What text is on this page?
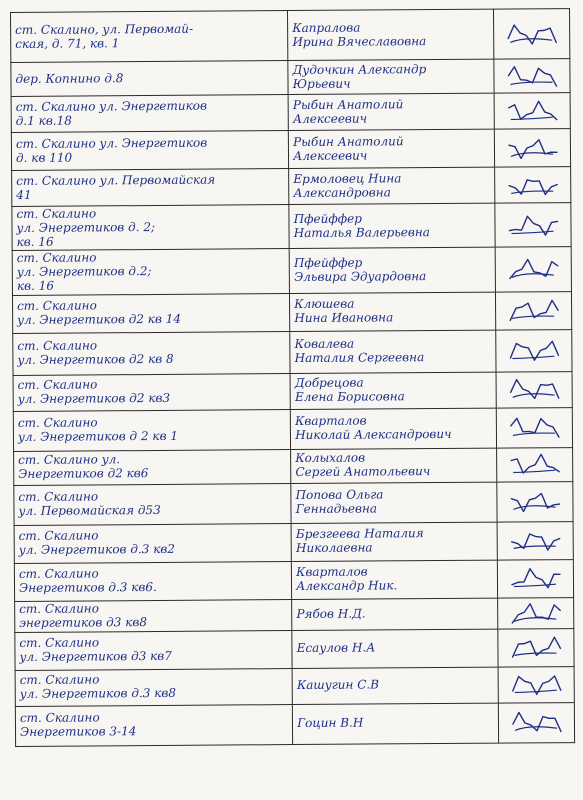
ст. Скалино, ул. Первомай-
ская, д. 71, кв. 1	Капралова
Ирина Вячеславовна

дер. Копнино д.8	Дудочкин Александр
Юрьевич

ст. Скалино ул. Энергетиков
д.1 кв.18	Рыбин Анатолий
Алексеевич

ст. Скалино ул. Энергетиков
д. кв 110	Рыбин Анатолий
Алексеевич

ст. Скалино ул. Первомайская
41	Ермоловец Нина
Александровна

ст. Скалино
ул. Энергетиков д. 2;
кв. 16	Пфейффер
Наталья Валерьевна

ст. Скалино
ул. Энергетиков д.2;
кв. 16	Пфейффер
Эльвира Эдуардовна

ст. Скалино
ул. Энергетиков д2 кв 14	Клюшева
Нина Ивановна

ст. Скалино
ул. Энергетиков д2 кв 8	Ковалева
Наталия Сергеевна

ст. Скалино
ул. Энергетиков д2 кв3	Добрецова
Елена Борисовна

ст. Скалино
ул. Энергетиков д 2 кв 1	Кварталов
Николай Александрович

ст. Скалино ул.
Энергетиков д2 кв6	Колыхалов
Сергей Анатольевич

ст. Скалино
ул. Первомайская д53	Попова Ольга
Геннадьевна

ст. Скалино
ул. Энергетиков д.3 кв2	Брезгеева Наталия
Николаевна

ст. Скалино
Энергетиков д.3 кв6.	Кварталов
Александр Ник.

ст. Скалино
энергетиков д3 кв8	Рябов Н.Д.

ст. Скалино
ул. Энергетиков д3 кв7	Есаулов Н.А

ст. Скалино
ул. Энергетиков д.3 кв8	Кашугин С.В

ст. Скалино
Энергетиков 3-14	Гоцин В.Н
